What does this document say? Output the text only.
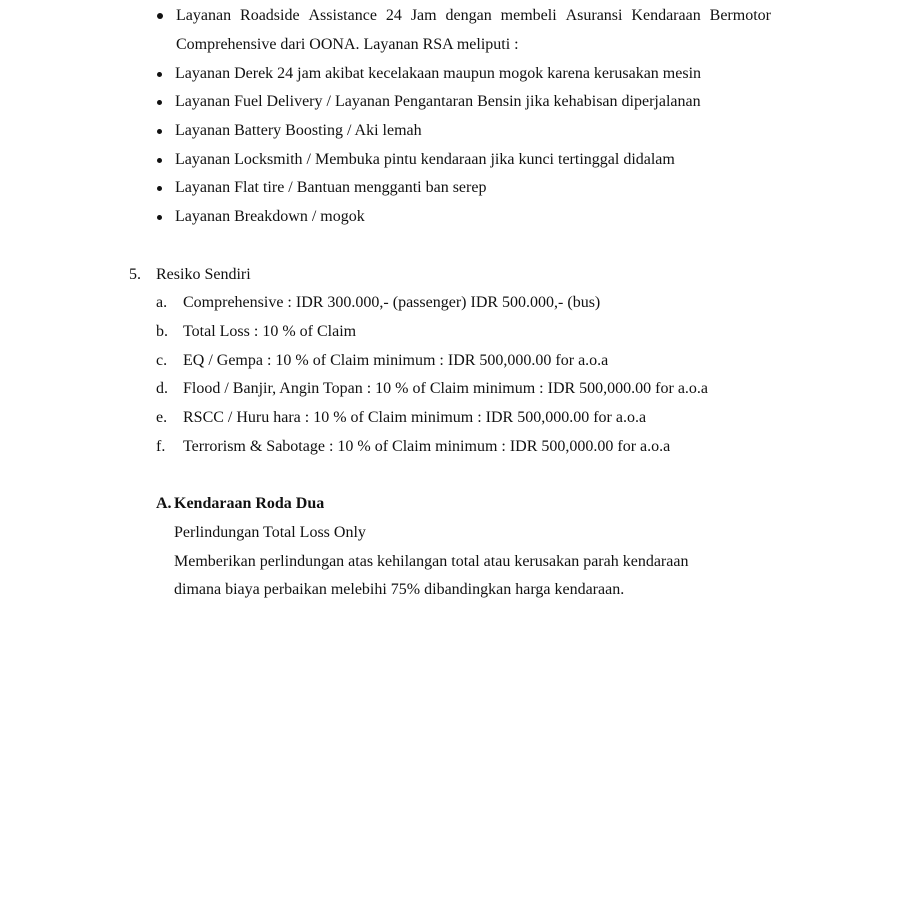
Layanan Roadside Assistance 24 Jam dengan membeli Asuransi Kendaraan Bermotor
Comprehensive dari OONA. Layanan RSA meliputi :
Layanan Derek 24 jam akibat kecelakaan maupun mogok karena kerusakan mesin
Layanan Fuel Delivery / Layanan Pengantaran Bensin jika kehabisan diperjalanan
Layanan Battery Boosting / Aki lemah
Layanan Locksmith / Membuka pintu kendaraan jika kunci tertinggal didalam
Layanan Flat tire / Bantuan mengganti ban serep
Layanan Breakdown / mogok
5. Resiko Sendiri
a. Comprehensive : IDR 300.000,- (passenger) IDR 500.000,- (bus)
b. Total Loss : 10 % of Claim
c. EQ / Gempa : 10 % of Claim minimum : IDR 500,000.00 for a.o.a
d. Flood / Banjir, Angin Topan : 10 % of Claim minimum : IDR 500,000.00 for a.o.a
e. RSCC / Huru hara : 10 % of Claim minimum : IDR 500,000.00 for a.o.a
f. Terrorism & Sabotage : 10 % of Claim minimum : IDR 500,000.00 for a.o.a
A. Kendaraan Roda Dua
Perlindungan Total Loss Only
Memberikan perlindungan atas kehilangan total atau kerusakan parah kendaraan
dimana biaya perbaikan melebihi 75% dibandingkan harga kendaraan.
